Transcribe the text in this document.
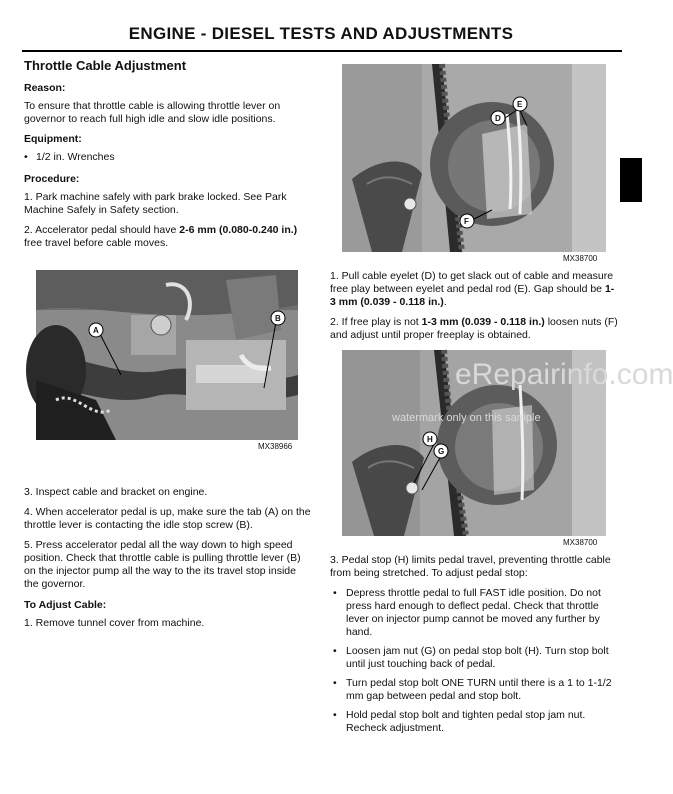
ENGINE - DIESEL TESTS AND ADJUSTMENTS
Throttle Cable Adjustment
Reason:

To ensure that throttle cable is allowing throttle lever on governor to reach full high idle and slow idle positions.

Equipment:
• 1/2 in. Wrenches
Procedure:

1. Park machine safely with park brake locked. See Park Machine Safely in Safety section.

2. Accelerator pedal should have 2-6 mm (0.080-0.240 in.) free travel before cable moves.

A
B
MX38966

3. Inspect cable and bracket on engine.

4. When accelerator pedal is up, make sure the tab (A) on the throttle lever is contacting the idle stop screw (B).

5. Press accelerator pedal all the way down to high speed position. Check that throttle cable is pulling throttle lever (B) on the injector pump all the way to the its travel stop inside the governor.

To Adjust Cable:

1. Remove tunnel cover from machine.

D
E
F
MX38700

1. Pull cable eyelet (D) to get slack out of cable and measure free play between eyelet and pedal rod (E). Gap should be 1-3 mm (0.039 - 0.118 in.).

2. If free play is not 1-3 mm (0.039 - 0.118 in.) loosen nuts (F) and adjust until proper freeplay is obtained.

H
G
MX38700

3. Pedal stop (H) limits pedal travel, preventing throttle cable from being stretched. To adjust pedal stop:

• Depress throttle pedal to full FAST idle position. Do not press hard enough to deflect pedal. Check that throttle lever on injector pump cannot be moved any further by hand.
• Loosen jam nut (G) on pedal stop bolt (H). Turn stop bolt until just touching back of pedal.
• Turn pedal stop bolt ONE TURN until there is a 1 to 1-1/2 mm gap between pedal and stop bolt.
• Hold pedal stop bolt and tighten pedal stop jam nut. Recheck adjustment.
eRepairinfo.com
watermark only on this sample
